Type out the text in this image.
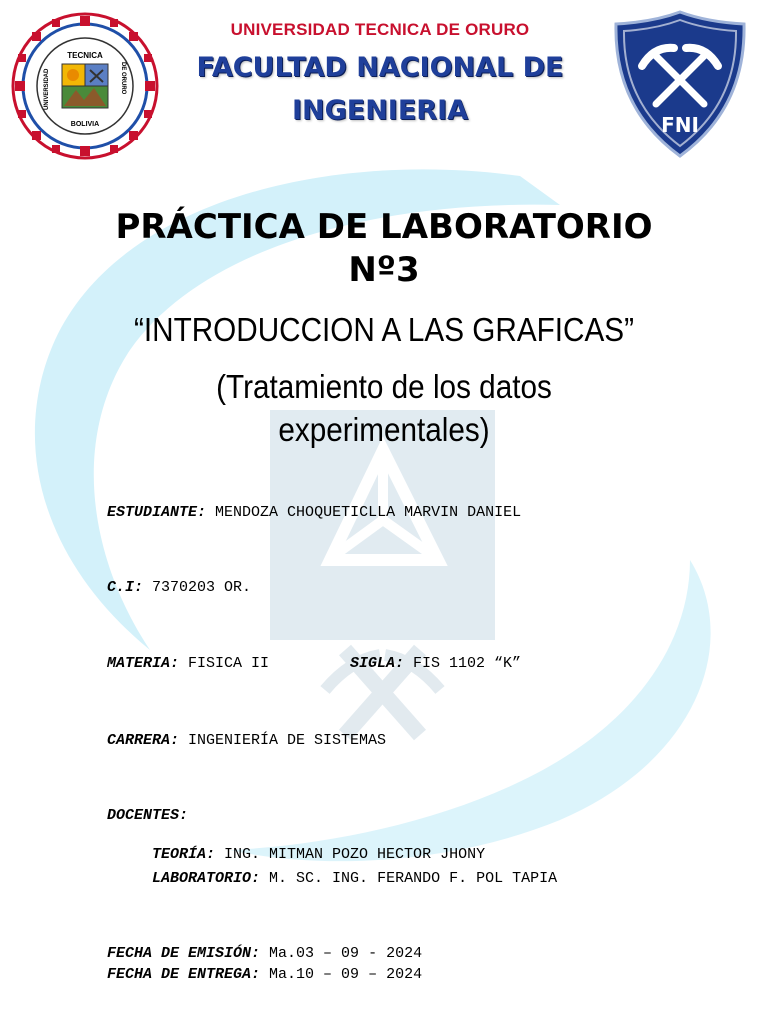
TECNICA
BOLIVIA
UNIVERSIDAD	DE ORURO
FNI
UNIVERSIDAD TECNICA DE ORURO
FACULTAD NACIONAL DE
INGENIERIA
PRÁCTICA DE LABORATORIO
Nº3
“INTRODUCCION A LAS GRAFICAS”
(Tratamiento de los datos
experimentales)
ESTUDIANTE: MENDOZA CHOQUETICLLA MARVIN DANIEL
C.I: 7370203 OR.
MATERIA: FISICA II	SIGLA: FIS 1102 “K”
CARRERA: INGENIERÍA DE SISTEMAS
DOCENTES:
TEORÍA: ING. MITMAN POZO HECTOR JHONY
LABORATORIO: M. SC. ING. FERANDO F. POL TAPIA
FECHA DE EMISIÓN: Ma.03 – 09 - 2024
FECHA DE ENTREGA: Ma.10 – 09 – 2024
